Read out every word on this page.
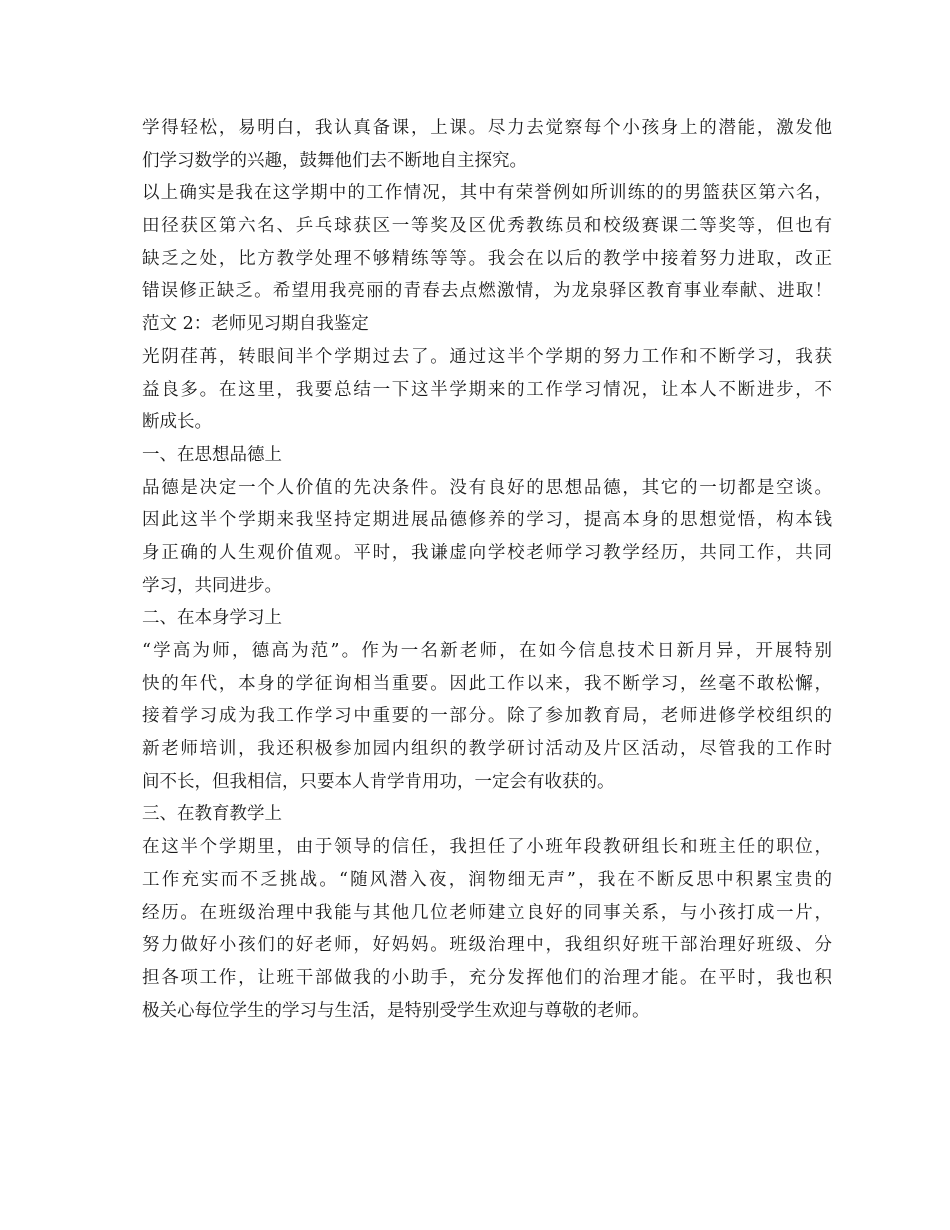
学得轻松，易明白，我认真备课，上课。尽力去觉察每个小孩身上的潜能，激发他
们学习数学的兴趣，鼓舞他们去不断地自主探究。
以上确实是我在这学期中的工作情况，其中有荣誉例如所训练的的男篮获区第六名，
田径获区第六名、乒乓球获区一等奖及区优秀教练员和校级赛课二等奖等，但也有
缺乏之处，比方教学处理不够精练等等。我会在以后的教学中接着努力进取，改正
错误修正缺乏。希望用我亮丽的青春去点燃激情，为龙泉驿区教育事业奉献、进取！
范文 2：老师见习期自我鉴定
光阴荏苒，转眼间半个学期过去了。通过这半个学期的努力工作和不断学习，我获
益良多。在这里，我要总结一下这半学期来的工作学习情况，让本人不断进步，不
断成长。
一、在思想品德上
品德是决定一个人价值的先决条件。没有良好的思想品德，其它的一切都是空谈。
因此这半个学期来我坚持定期进展品德修养的学习，提高本身的思想觉悟，构本钱
身正确的人生观价值观。平时，我谦虚向学校老师学习教学经历，共同工作，共同
学习，共同进步。
二、在本身学习上
“学高为师，德高为范”。作为一名新老师，在如今信息技术日新月异，开展特别
快的年代，本身的学征询相当重要。因此工作以来，我不断学习，丝毫不敢松懈，
接着学习成为我工作学习中重要的一部分。除了参加教育局，老师进修学校组织的
新老师培训，我还积极参加园内组织的教学研讨活动及片区活动，尽管我的工作时
间不长，但我相信，只要本人肯学肯用功，一定会有收获的。
三、在教育教学上
在这半个学期里，由于领导的信任，我担任了小班年段教研组长和班主任的职位，
工作充实而不乏挑战。“随风潜入夜，润物细无声”，我在不断反思中积累宝贵的
经历。在班级治理中我能与其他几位老师建立良好的同事关系，与小孩打成一片，
努力做好小孩们的好老师，好妈妈。班级治理中，我组织好班干部治理好班级、分
担各项工作，让班干部做我的小助手，充分发挥他们的治理才能。在平时，我也积
极关心每位学生的学习与生活，是特别受学生欢迎与尊敬的老师。
